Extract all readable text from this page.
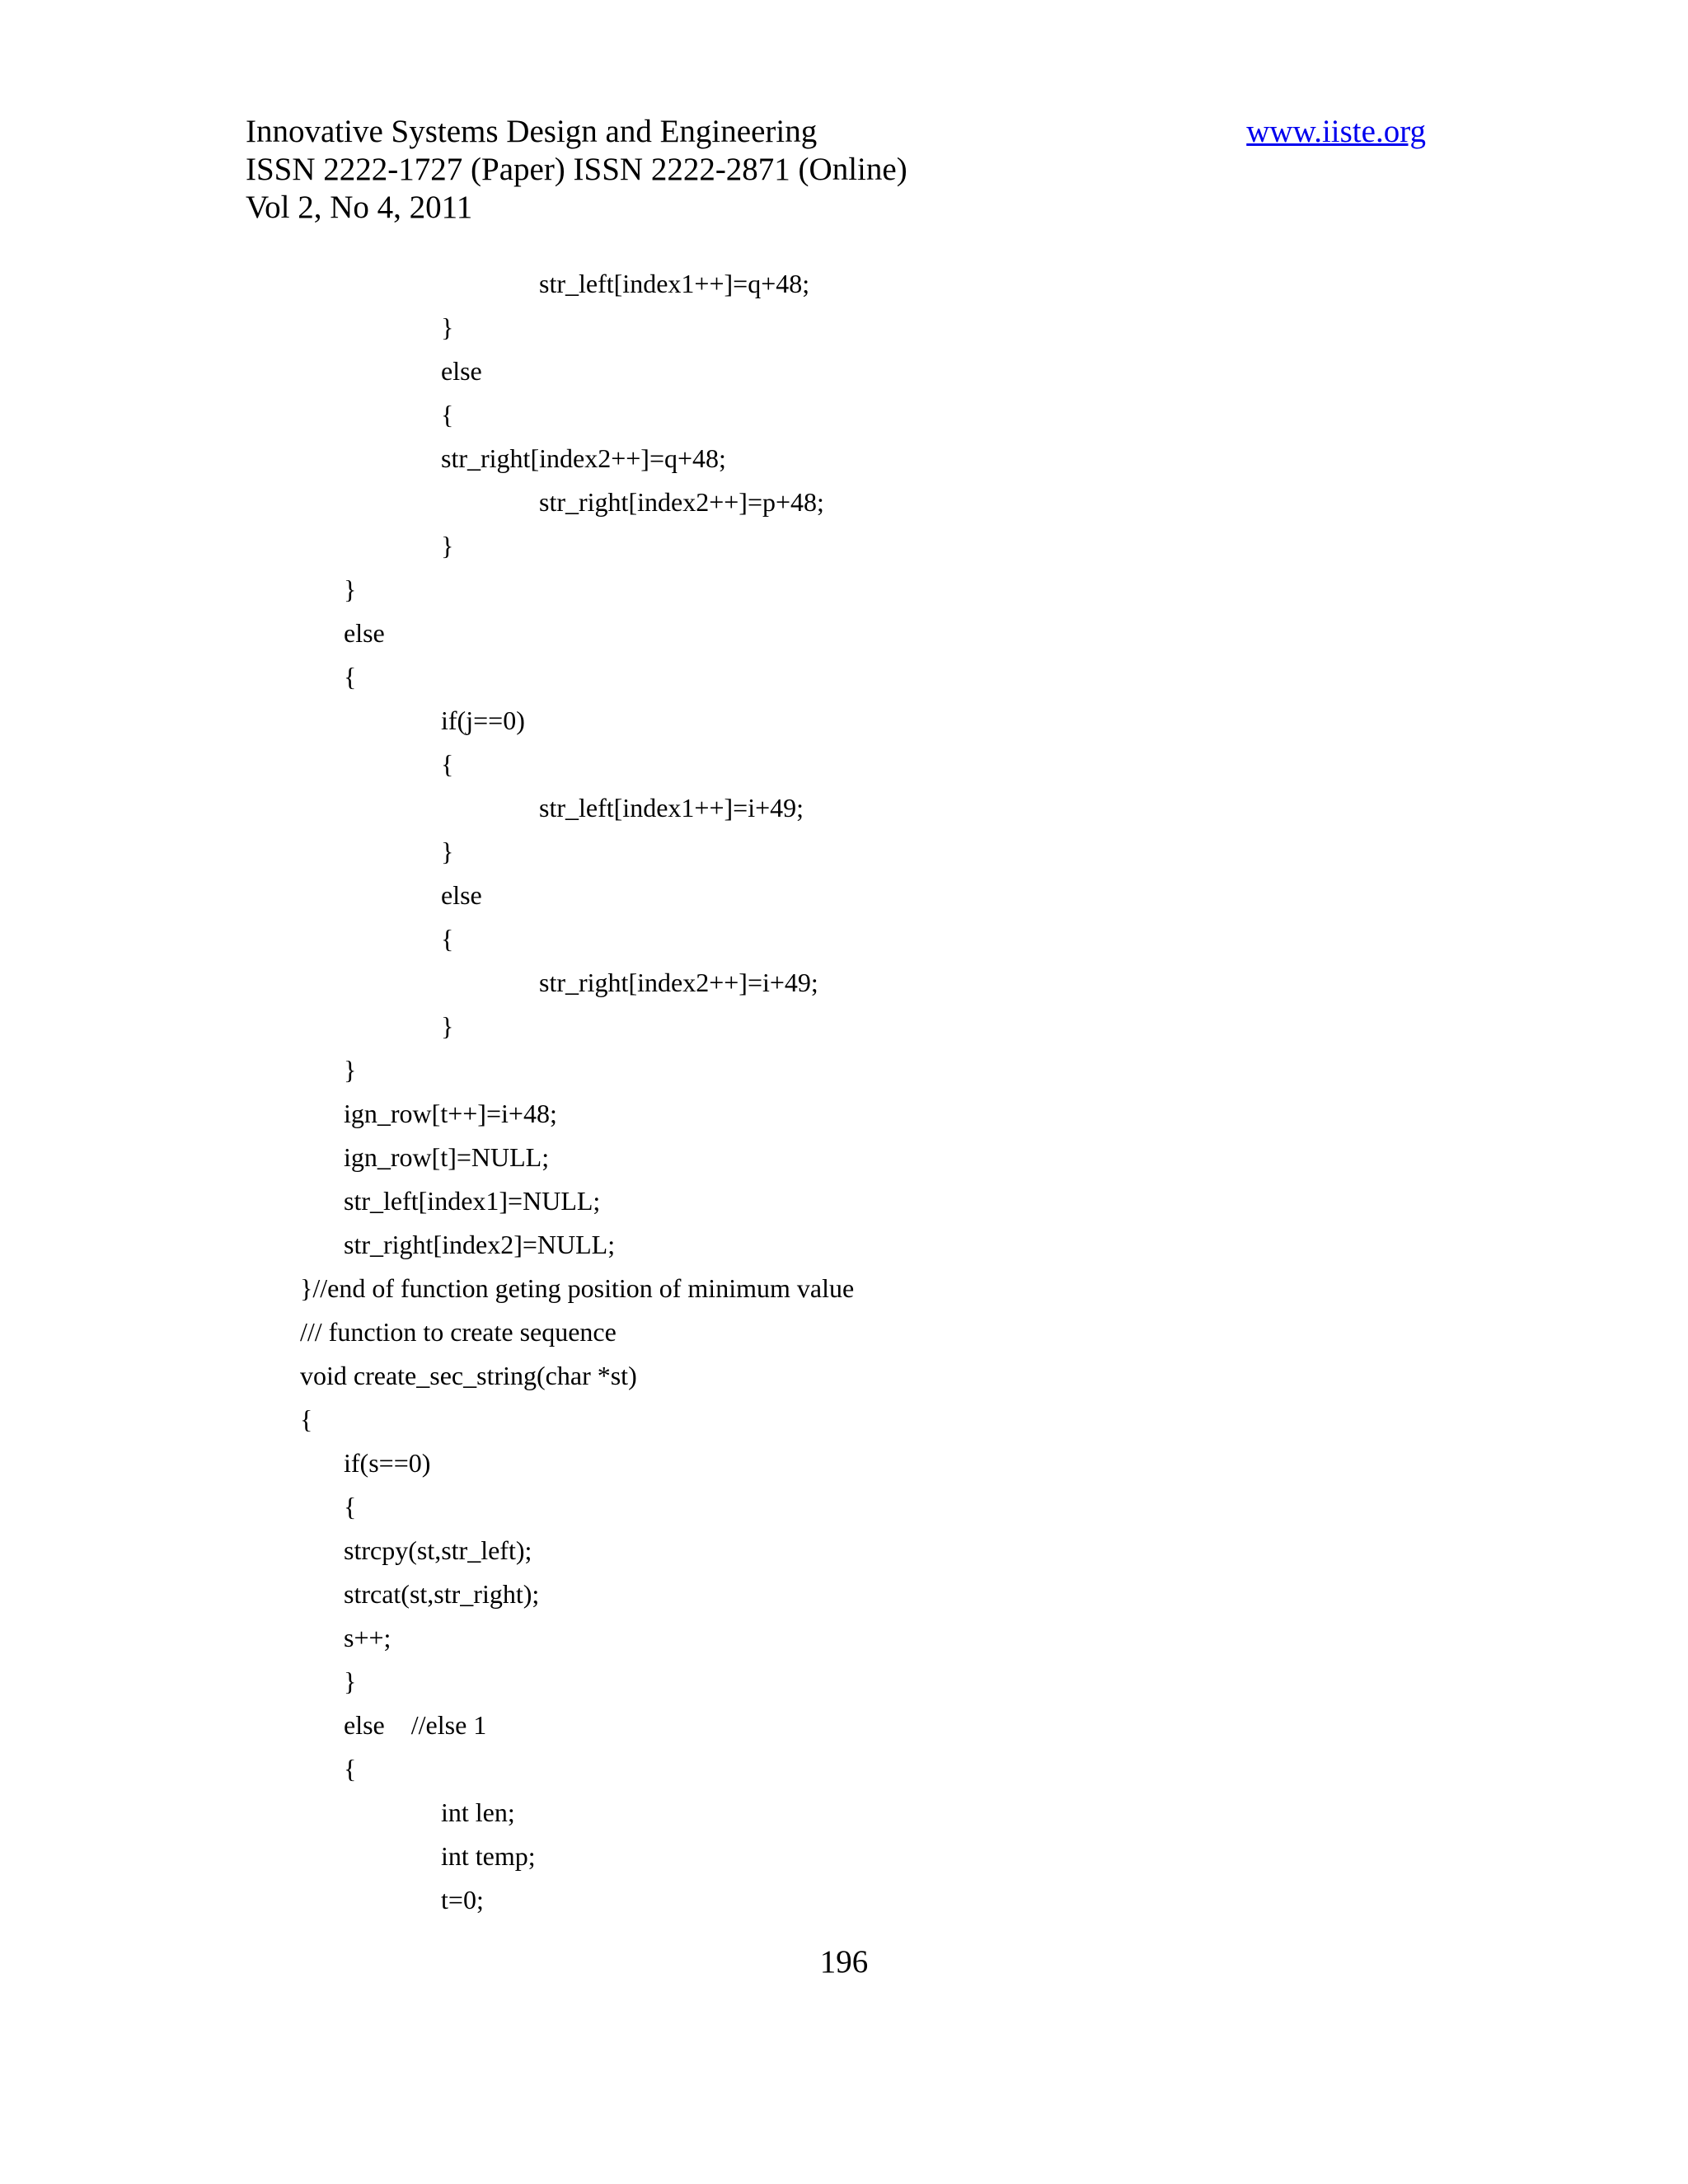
Innovative Systems Design and Engineering
ISSN 2222-1727 (Paper) ISSN 2222-2871 (Online)
Vol 2, No 4, 2011
www.iiste.org
str_left[index1++]=q+48;
}
else
{
str_right[index2++]=q+48;
str_right[index2++]=p+48;
}
}
else
{
if(j==0)
{
str_left[index1++]=i+49;
}
else
{
str_right[index2++]=i+49;
}
}
ign_row[t++]=i+48;
ign_row[t]=NULL;
str_left[index1]=NULL;
str_right[index2]=NULL;
}//end of function geting position of minimum value
/// function to create sequence
void create_sec_string(char *st)
{
if(s==0)
{
strcpy(st,str_left);
strcat(st,str_right);
s++;
}
else    //else 1
{
int len;
int temp;
t=0;
196
